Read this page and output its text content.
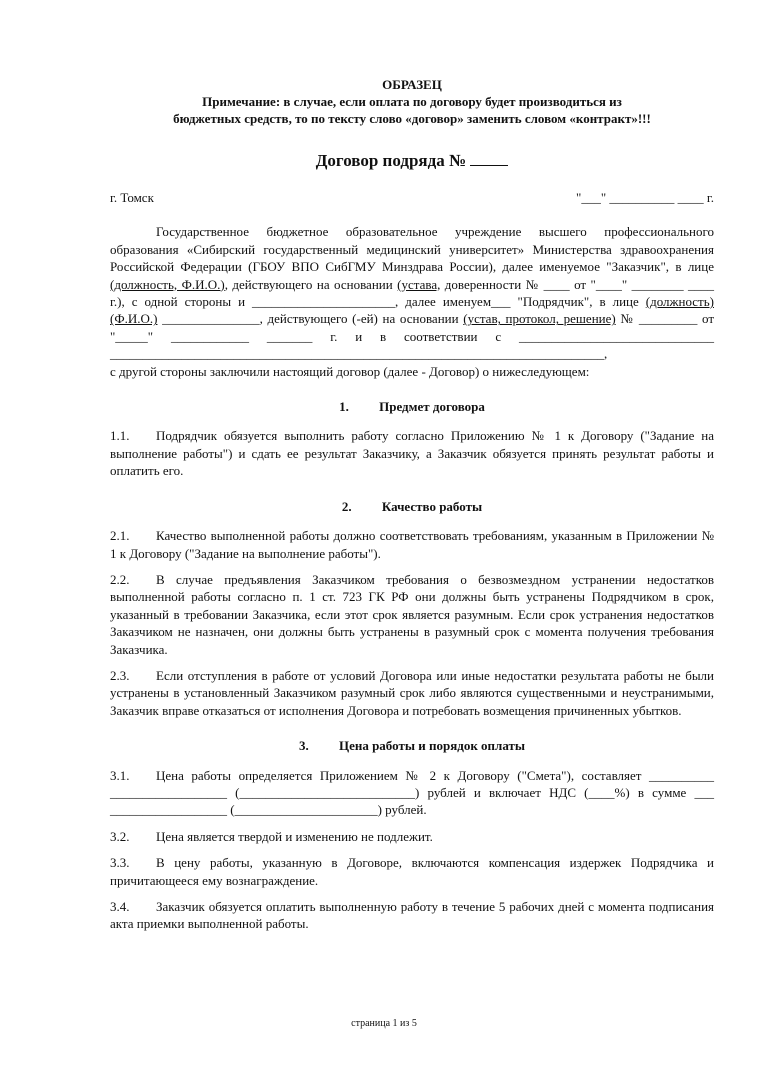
ОБРАЗЕЦ
Примечание: в случае, если оплата по договору будет производиться из
бюджетных средств, то по тексту слово «договор» заменить словом «контракт»!!!
Договор подряда №
г. Томск	"___" __________ ____ г.
Государственное бюджетное образовательное учреждение высшего профессионального образования «Сибирский государственный медицинский университет» Министерства здравоохранения Российской Федерации (ГБОУ ВПО СибГМУ Минздрава России), далее именуемое "Заказчик", в лице (должность, Ф.И.О.), действующего на основании (устава, доверенности № ____ от "____" ________ ____ г.), с одной стороны и ______________________, далее именуем___ "Подрядчик", в лице (должность) (Ф.И.О.) _______________, действующего (-ей) на основании (устав, протокол, решение) № _________ от "_____" ____________ _______ г. и в соответствии с ______________________________ ____________________________________________________________________________,
с другой стороны заключили настоящий договор (далее - Договор) о нижеследующем:
1.	Предмет договора
1.1. Подрядчик обязуется выполнить работу согласно Приложению № 1 к Договору ("Задание на выполнение работы") и сдать ее результат Заказчику, а Заказчик обязуется принять результат работы и оплатить его.
2.	Качество работы
2.1. Качество выполненной работы должно соответствовать требованиям, указанным в Приложении № 1 к Договору ("Задание на выполнение работы").
2.2. В случае предъявления Заказчиком требования о безвозмездном устранении недостатков выполненной работы согласно п. 1 ст. 723 ГК РФ они должны быть устранены Подрядчиком в срок, указанный в требовании Заказчика, если этот срок является разумным. Если срок устранения недостатков Заказчиком не назначен, они должны быть устранены в разумный срок с момента получения требования Заказчика.
2.3. Если отступления в работе от условий Договора или иные недостатки результата работы не были устранены в установленный Заказчиком разумный срок либо являются существенными и неустранимыми, Заказчик вправе отказаться от исполнения Договора и потребовать возмещения причиненных убытков.
3.	Цена работы и порядок оплаты
3.1. Цена работы определяется Приложением № 2 к Договору ("Смета"), составляет __________ __________________ (___________________________) рублей и включает НДС (____%) в сумме ___ __________________ (______________________) рублей.
3.2. Цена является твердой и изменению не подлежит.
3.3. В цену работы, указанную в Договоре, включаются компенсация издержек Подрядчика и причитающееся ему вознаграждение.
3.4. Заказчик обязуется оплатить выполненную работу в течение 5 рабочих дней с момента подписания акта приемки выполненной работы.
страница 1 из 5
